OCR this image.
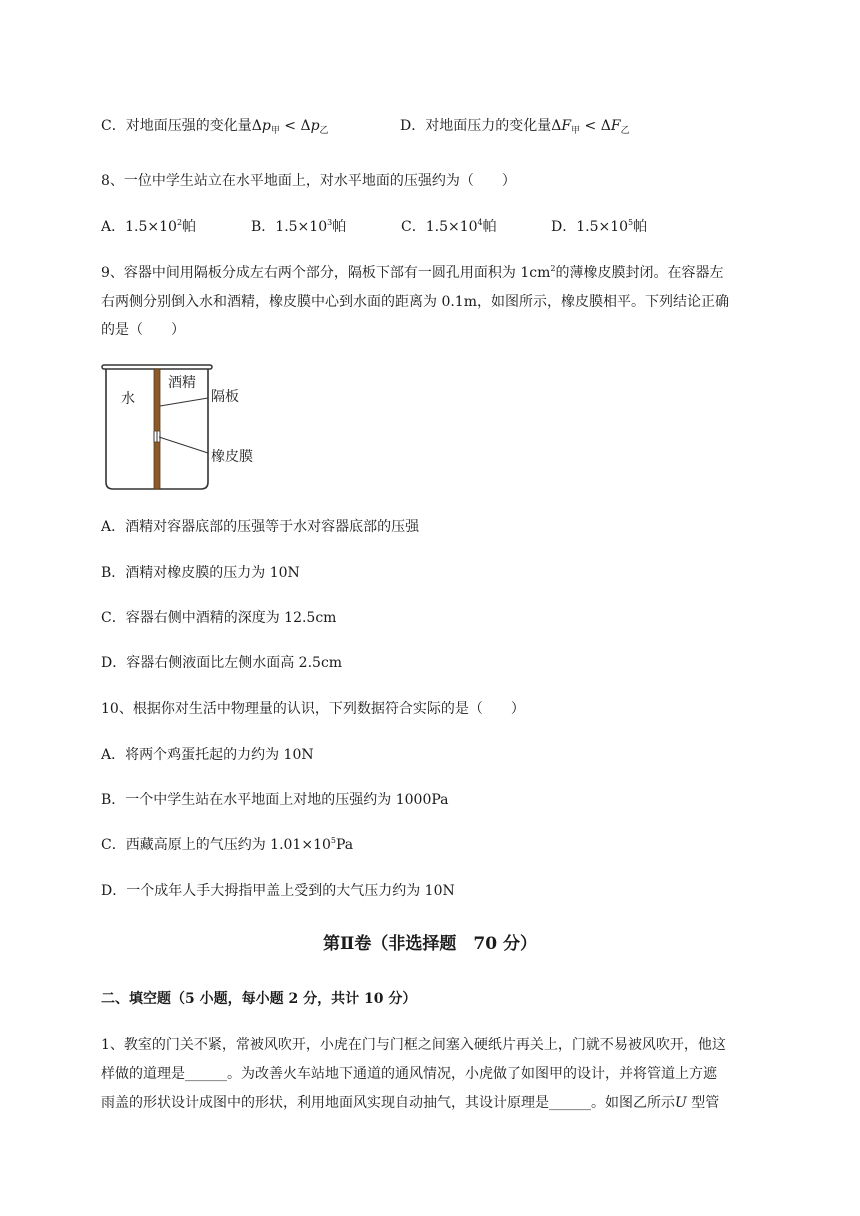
C．对地面压强的变化量$\Delta p_甲 < \Delta p_乙$	D．对地面压力的变化量$\Delta F_甲 < \Delta F_乙$
8、一位中学生站立在水平地面上，对水平地面的压强约为（　　）
A．$1.5\times 10^2$帕	B．$1.5\times 10^3$帕	C．$1.5\times 10^4$帕	D．$1.5\times 10^5$帕
9、容器中间用隔板分成左右两个部分，隔板下部有一圆孔用面积为 $1cm^2$的薄橡皮膜封闭。在容器左
右两侧分别倒入水和酒精，橡皮膜中心到水面的距离为 0.1m，如图所示，橡皮膜相平。下列结论正确
的是（　　）
水
酒精
隔板
橡皮膜
A．酒精对容器底部的压强等于水对容器底部的压强
B．酒精对橡皮膜的压力为 10N
C．容器右侧中酒精的深度为 12.5cm
D．容器右侧液面比左侧水面高 2.5cm
10、根据你对生活中物理量的认识，下列数据符合实际的是（　　）
A．将两个鸡蛋托起的力约为 10N
B．一个中学生站在水平地面上对地的压强约为 1000Pa
C．西藏高原上的气压约为 $1.01\times 10^5Pa$
D．一个成年人手大拇指甲盖上受到的大气压力约为 10N
第Ⅱ卷（非选择题　70 分）
二、填空题（5 小题，每小题 2 分，共计 10 分）
1、教室的门关不紧，常被风吹开，小虎在门与门框之间塞入硬纸片再关上，门就不易被风吹开，他这
样做的道理是______。为改善火车站地下通道的通风情况，小虎做了如图甲的设计，并将管道上方遮
雨盖的形状设计成图中的形状，利用地面风实现自动抽气，其设计原理是______。如图乙所示U 型管
